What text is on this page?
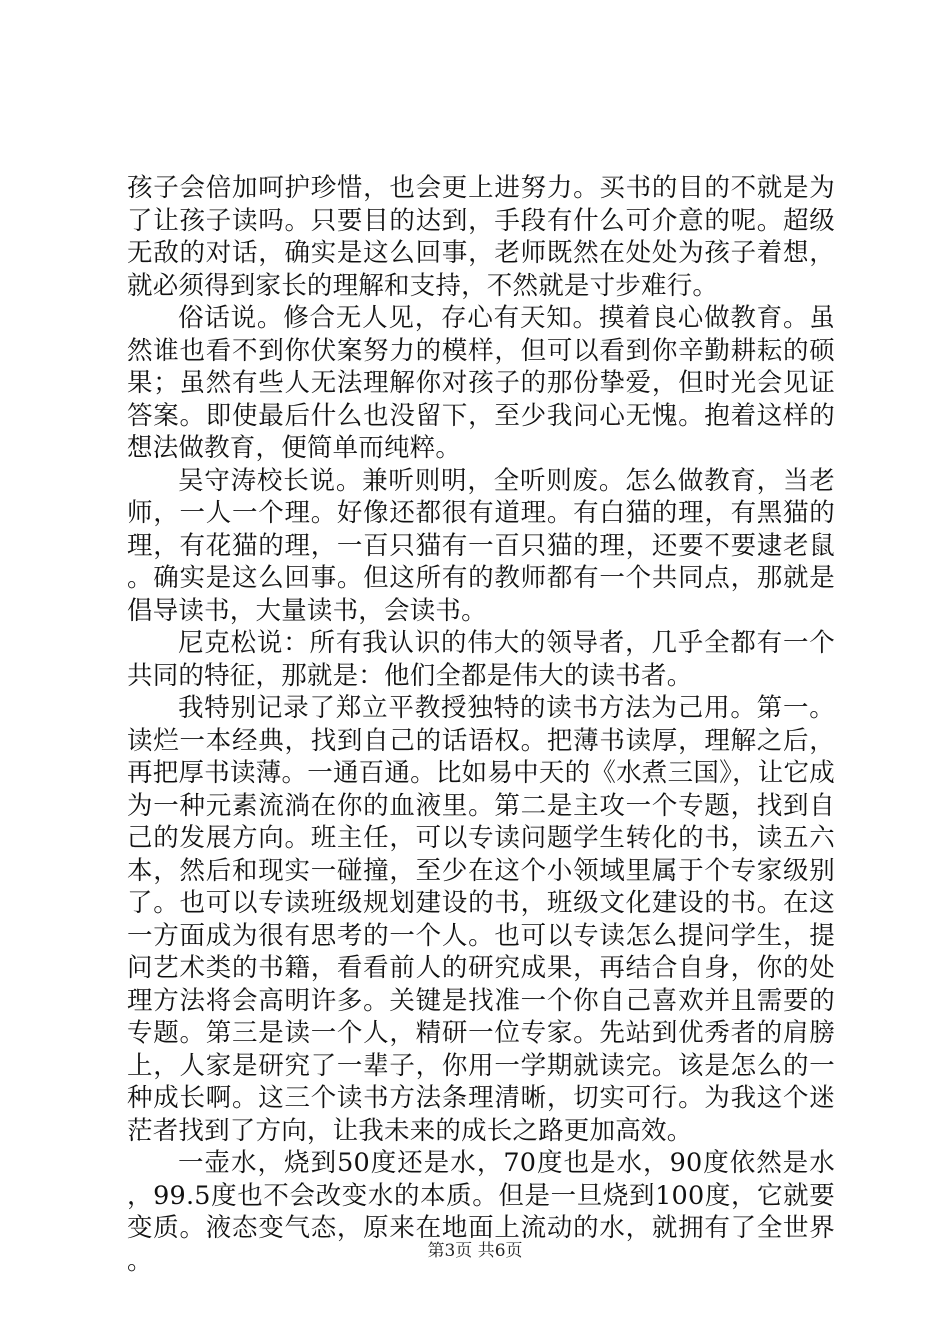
孩子会倍加呵护珍惜，也会更上进努力。买书的目的不就是为了让孩子读吗。只要目的达到，手段有什么可介意的呢。超级无敌的对话，确实是这么回事，老师既然在处处为孩子着想，就必须得到家长的理解和支持，不然就是寸步难行。

俗话说。修合无人见，存心有天知。摸着良心做教育。虽然谁也看不到你伏案努力的模样，但可以看到你辛勤耕耘的硕果；虽然有些人无法理解你对孩子的那份挚爱，但时光会见证答案。即使最后什么也没留下，至少我问心无愧。抱着这样的想法做教育，便简单而纯粹。

吴守涛校长说。兼听则明，全听则废。怎么做教育，当老师，一人一个理。好像还都很有道理。有白猫的理，有黑猫的理，有花猫的理，一百只猫有一百只猫的理，还要不要逮老鼠。确实是这么回事。但这所有的教师都有一个共同点，那就是倡导读书，大量读书，会读书。

尼克松说：所有我认识的伟大的领导者，几乎全都有一个共同的特征，那就是：他们全都是伟大的读书者。

我特别记录了郑立平教授独特的读书方法为己用。第一。读烂一本经典，找到自己的话语权。把薄书读厚，理解之后，再把厚书读薄。一通百通。比如易中天的《水煮三国》，让它成为一种元素流淌在你的血液里。第二是主攻一个专题，找到自己的发展方向。班主任，可以专读问题学生转化的书，读五六本，然后和现实一碰撞，至少在这个小领域里属于个专家级别了。也可以专读班级规划建设的书，班级文化建设的书。在这一方面成为很有思考的一个人。也可以专读怎么提问学生，提问艺术类的书籍，看看前人的研究成果，再结合自身，你的处理方法将会高明许多。关键是找准一个你自己喜欢并且需要的专题。第三是读一个人，精研一位专家。先站到优秀者的肩膀上，人家是研究了一辈子，你用一学期就读完。该是怎么的一种成长啊。这三个读书方法条理清晰，切实可行。为我这个迷茫者找到了方向，让我未来的成长之路更加高效。

一壶水，烧到50度还是水，70度也是水，90度依然是水，99.5度也不会改变水的本质。但是一旦烧到100度，它就要变质。液态变气态，原来在地面上流动的水，就拥有了全世界。	第3页 共6页
